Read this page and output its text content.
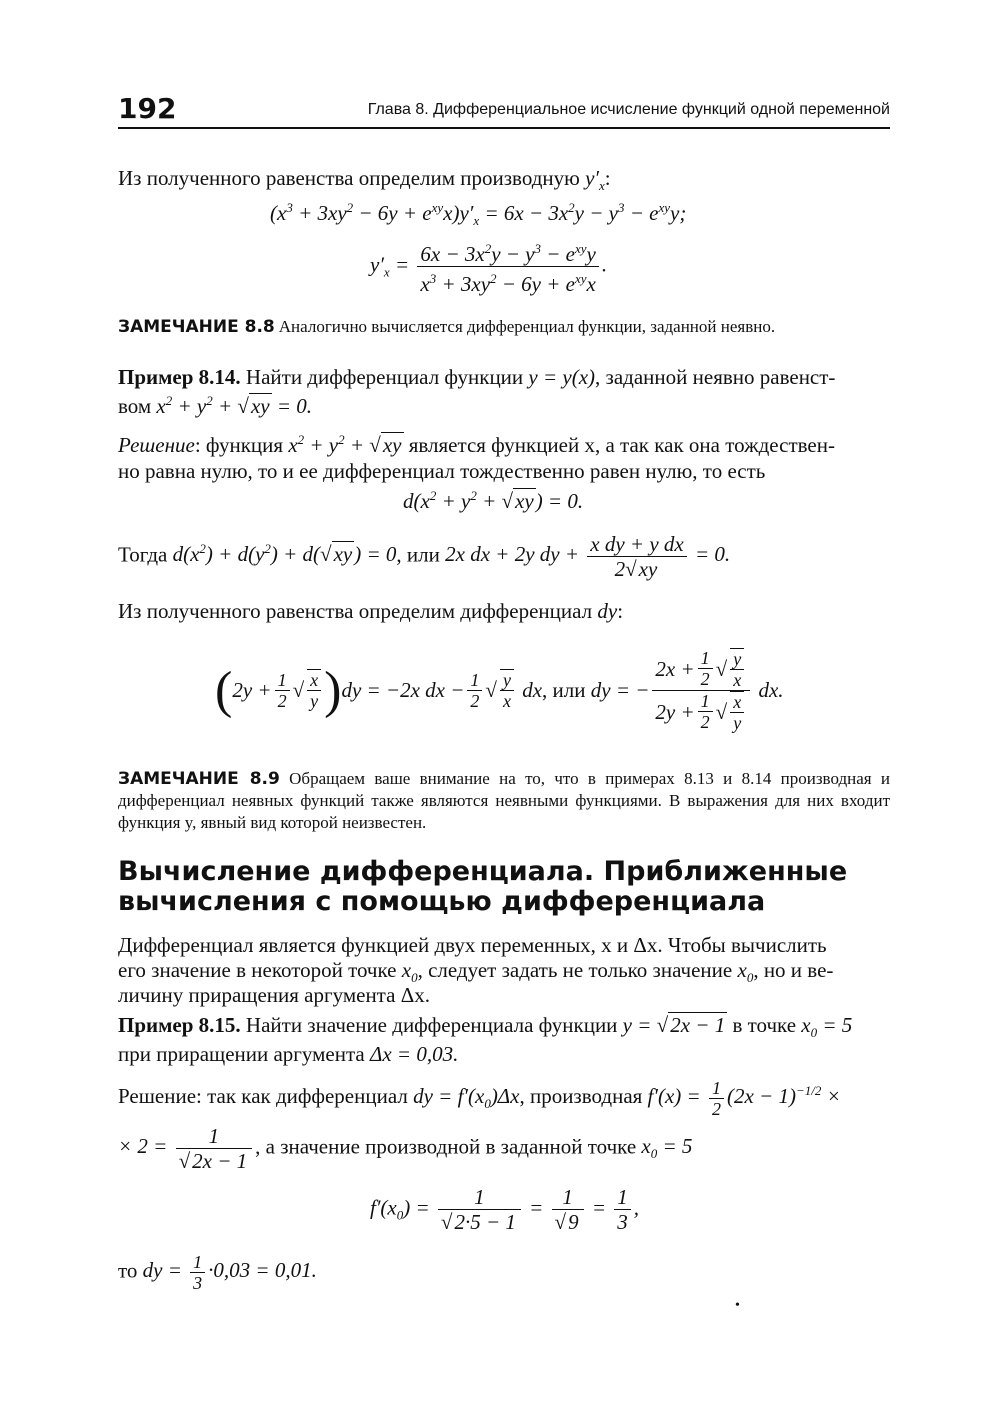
192	Глава 8. Дифференциальное исчисление функций одной переменной
Из полученного равенства определим производную $y'_x$:
$(x^3 + 3xy^2 - 6y + e^{xy}x)y'_x = 6x - 3x^2y - y^3 - e^{xy}y$;
$y'_x = \frac{6x - 3x^2y - y^3 - e^{xy}y}{x^3 + 3xy^2 - 6y + e^{xy}x}$ .
ЗАМЕЧАНИЕ 8.8 Аналогично вычисляется дифференциал функции, заданной неявно.
Пример 8.14. Найти дифференциал функции y = y(x), заданной неявно равенст-
вом $x^2 + y^2 + √xy = 0$.
Решение: функция $x^2 + y^2 + √xy$ является функцией x, а так как она тождествен-
но равна нулю, то и ее дифференциал тождественно равен нулю, то есть
$d(x^2 + y^2 + √xy) = 0$.
Тогда $d(x^2) + d(y^2) + d(√xy) = 0$, или 2x dx + 2y dy + $\frac{\text{x dy + y dx}}{2√xy} = 0$.
Из полученного равенства определим дифференциал dy:
( $2y + \frac{1}{2}$ √ $\frac{x}{y}$ ) dy = −2x dx − $\frac{1}{2}$ √ $\frac{y}{x}$ dx , или dy = − $\frac{2x + \frac{1}{2} √ \frac{y}{x}}{2y + \frac{1}{2} √ \frac{x}{y}}$ dx.
ЗАМЕЧАНИЕ 8.9 Обращаем ваше внимание на то, что в примерах 8.13 и 8.14 производная и дифференциал неявных функций также являются неявными функциями. В выражения для них входит функция y, явный вид которой неизвестен.
Вычисление дифференциала. Приближенные
вычисления с помощью дифференциала
Дифференциал является функцией двух переменных, x и Δx. Чтобы вычислить
его значение в некоторой точке $x_0$, следует задать не только значение $x_0$, но и ве-
личину приращения аргумента Δx.
Пример 8.15. Найти значение дифференциала функции y = √2x − 1 в точке $x_0 = 5$
при приращении аргумента Δx = 0,03.
Решение: так как дифференциал dy = $f'(x_0)\Delta x$, производная $f'(x) = \frac{1}{2} (2x - 1)^{-1/2}$ ×
× $2 = \frac{1}{√2x - 1}$ , а значение производной в заданной точке $x_0 = 5$
$f'(x_0) = \frac{1}{√2\cdot 5 - 1} = \frac{1}{√9} = \frac{1}{3}$ ,
то dy = $\frac{1}{3} \cdot 0,03 = 0,01$.
•
